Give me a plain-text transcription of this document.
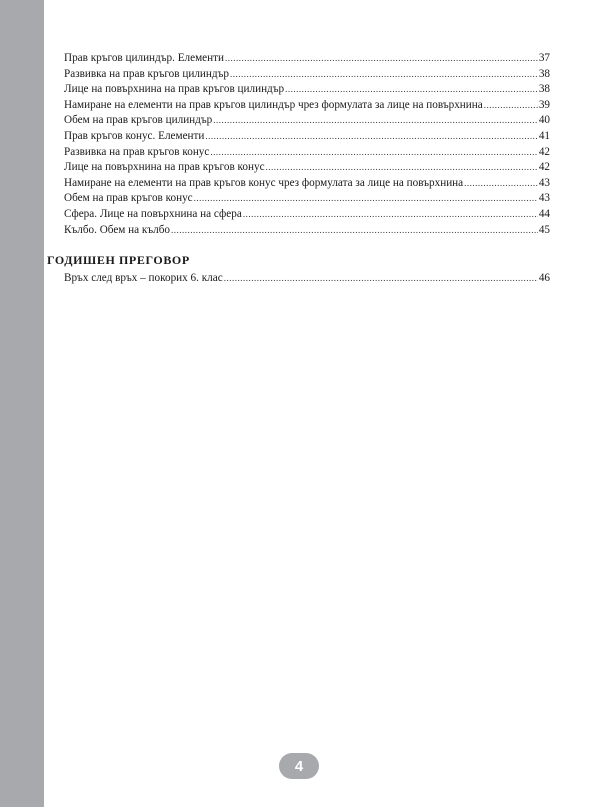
Прав кръгов цилиндър. Елементи .....	37
Развивка на прав кръгов цилиндър .....	38
Лице на повърхнина на прав кръгов цилиндър .....	38
Намиране на елементи на прав кръгов цилиндър чрез формулата за лице на повърхнина .....	39
Обем на прав кръгов цилиндър .....	40
Прав кръгов конус. Елементи .....	41
Развивка на прав кръгов конус .....	42
Лице на повърхнина на прав кръгов конус .....	42
Намиране на елементи на прав кръгов конус чрез формулата за лице на повърхнина .....	43
Обем на прав кръгов конус .....	43
Сфера. Лице на повърхнина на сфера .....	44
Кълбо. Обем на кълбо .....	45
ГОДИШЕН ПРЕГОВОР
Връх след връх – покорих 6. клас .....	46
4
